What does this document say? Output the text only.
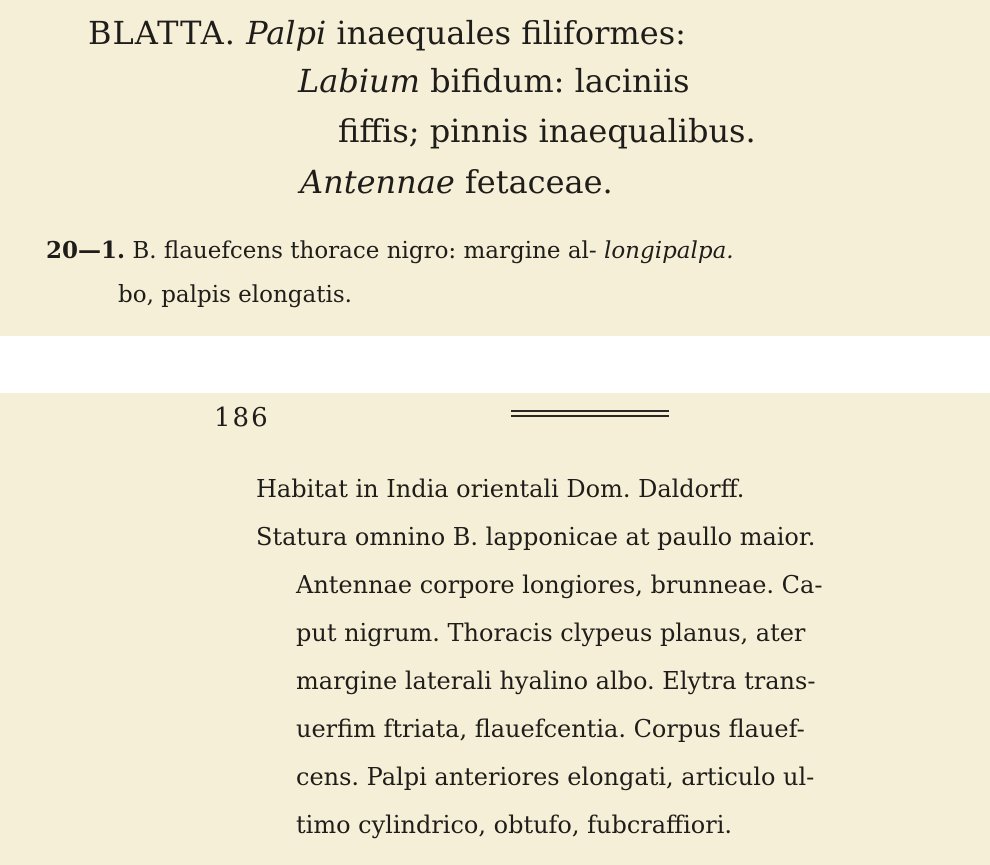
BLATTA. Palpi inaequales filiformes:

Labium bifidum: laciniis

fiffis; pinnis inaequalibus.

Antennae fetaceae.

20—1. B. flauefcens thorace nigro: margine al- longipalpa.

bo, palpis elongatis.

186

Habitat in India orientali Dom. Daldorff.

Statura omnino B. lapponicae at paullo maior.

Antennae corpore longiores, brunneae. Ca-

put nigrum. Thoracis clypeus planus, ater

margine laterali hyalino albo. Elytra trans-

uerfim ftriata, flauefcentia. Corpus flauef-

cens. Palpi anteriores elongati, articulo ul-

timo cylindrico, obtufo, fubcraffiori.
